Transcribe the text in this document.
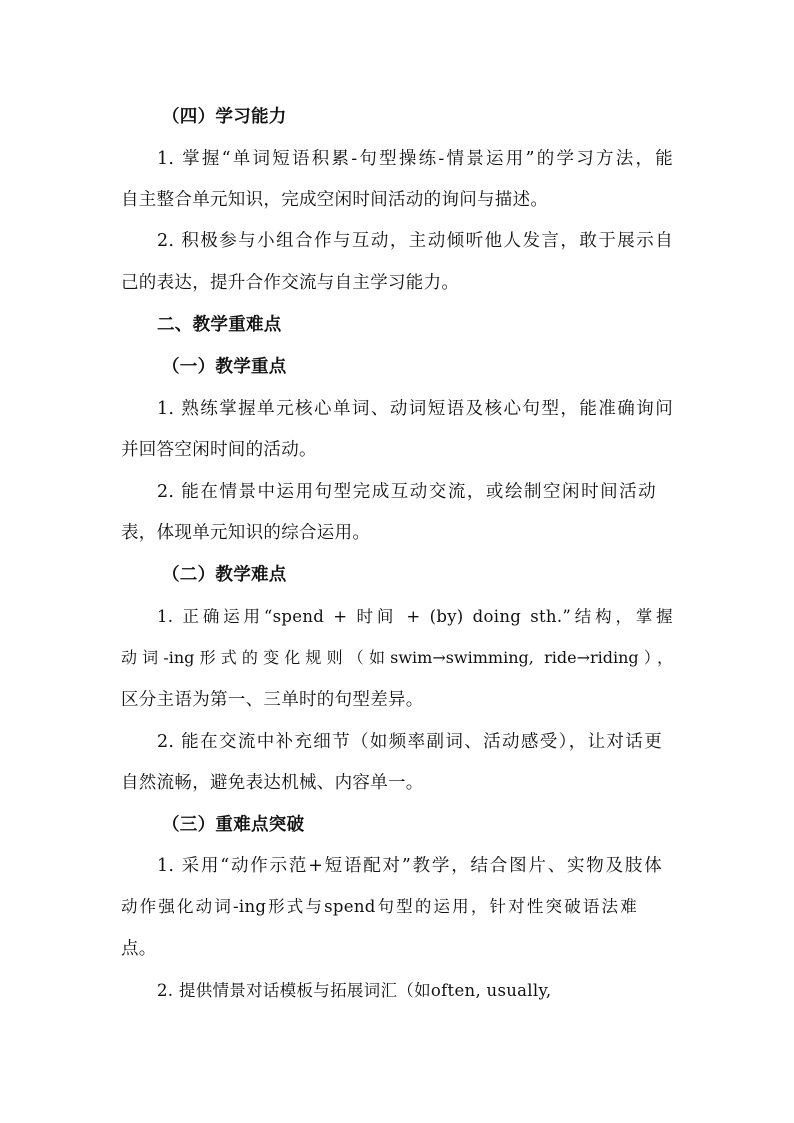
（四）学习能力
1. 掌握“单词短语积累-句型操练-情景运用”的学习方法，能
自主整合单元知识，完成空闲时间活动的询问与描述。
2. 积极参与小组合作与互动，主动倾听他人发言，敢于展示自
己的表达，提升合作交流与自主学习能力。
二、教学重难点
（一）教学重点
1. 熟练掌握单元核心单词、动词短语及核心句型，能准确询问
并回答空闲时间的活动。
2. 能在情景中运用句型完成互动交流，或绘制空闲时间活动
表，体现单元知识的综合运用。
（二）教学难点
1. 正确运用“spend + 时间 + (by) doing sth.”结构，掌握
动词-ing形式的变化规则（如swim→swimming, ride→riding），
区分主语为第一、三单时的句型差异。
2. 能在交流中补充细节（如频率副词、活动感受），让对话更
自然流畅，避免表达机械、内容单一。
（三）重难点突破
1. 采用“动作示范+短语配对”教学，结合图片、实物及肢体
动作强化动词-ing形式与spend句型的运用，针对性突破语法难
点。
2. 提供情景对话模板与拓展词汇（如often, usually,
